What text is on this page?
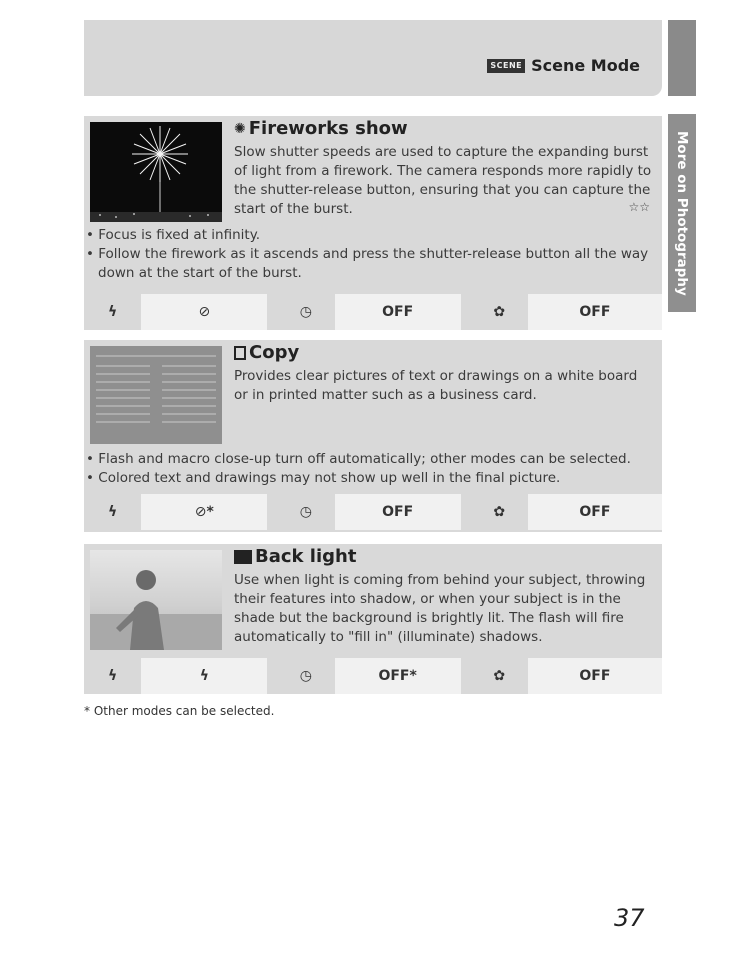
SCENE Scene Mode
More on Photography
✺ Fireworks show
Slow shutter speeds are used to capture the expanding burst of light from a firework. The camera responds more rapidly to the shutter-release button, ensuring that you can capture the start of the burst.	☆☆
• Focus is fixed at infinity.
• Follow the firework as it ascends and press the shutter-release button all the way down at the start of the burst.
ϟ	⊘	◷	OFF	✿	OFF
Copy
Provides clear pictures of text or drawings on a white board or in printed matter such as a business card.
• Flash and macro close-up turn off automatically; other modes can be selected.
• Colored text and drawings may not show up well in the final picture.
ϟ	⊘ *	◷	OFF	✿	OFF
Back light
Use when light is coming from behind your subject, throwing their features into shadow, or when your subject is in the shade but the background is brightly lit. The flash will fire automatically to "fill in" (illuminate) shadows.
ϟ	ϟ	◷	OFF*	✿	OFF
* Other modes can be selected.
37
